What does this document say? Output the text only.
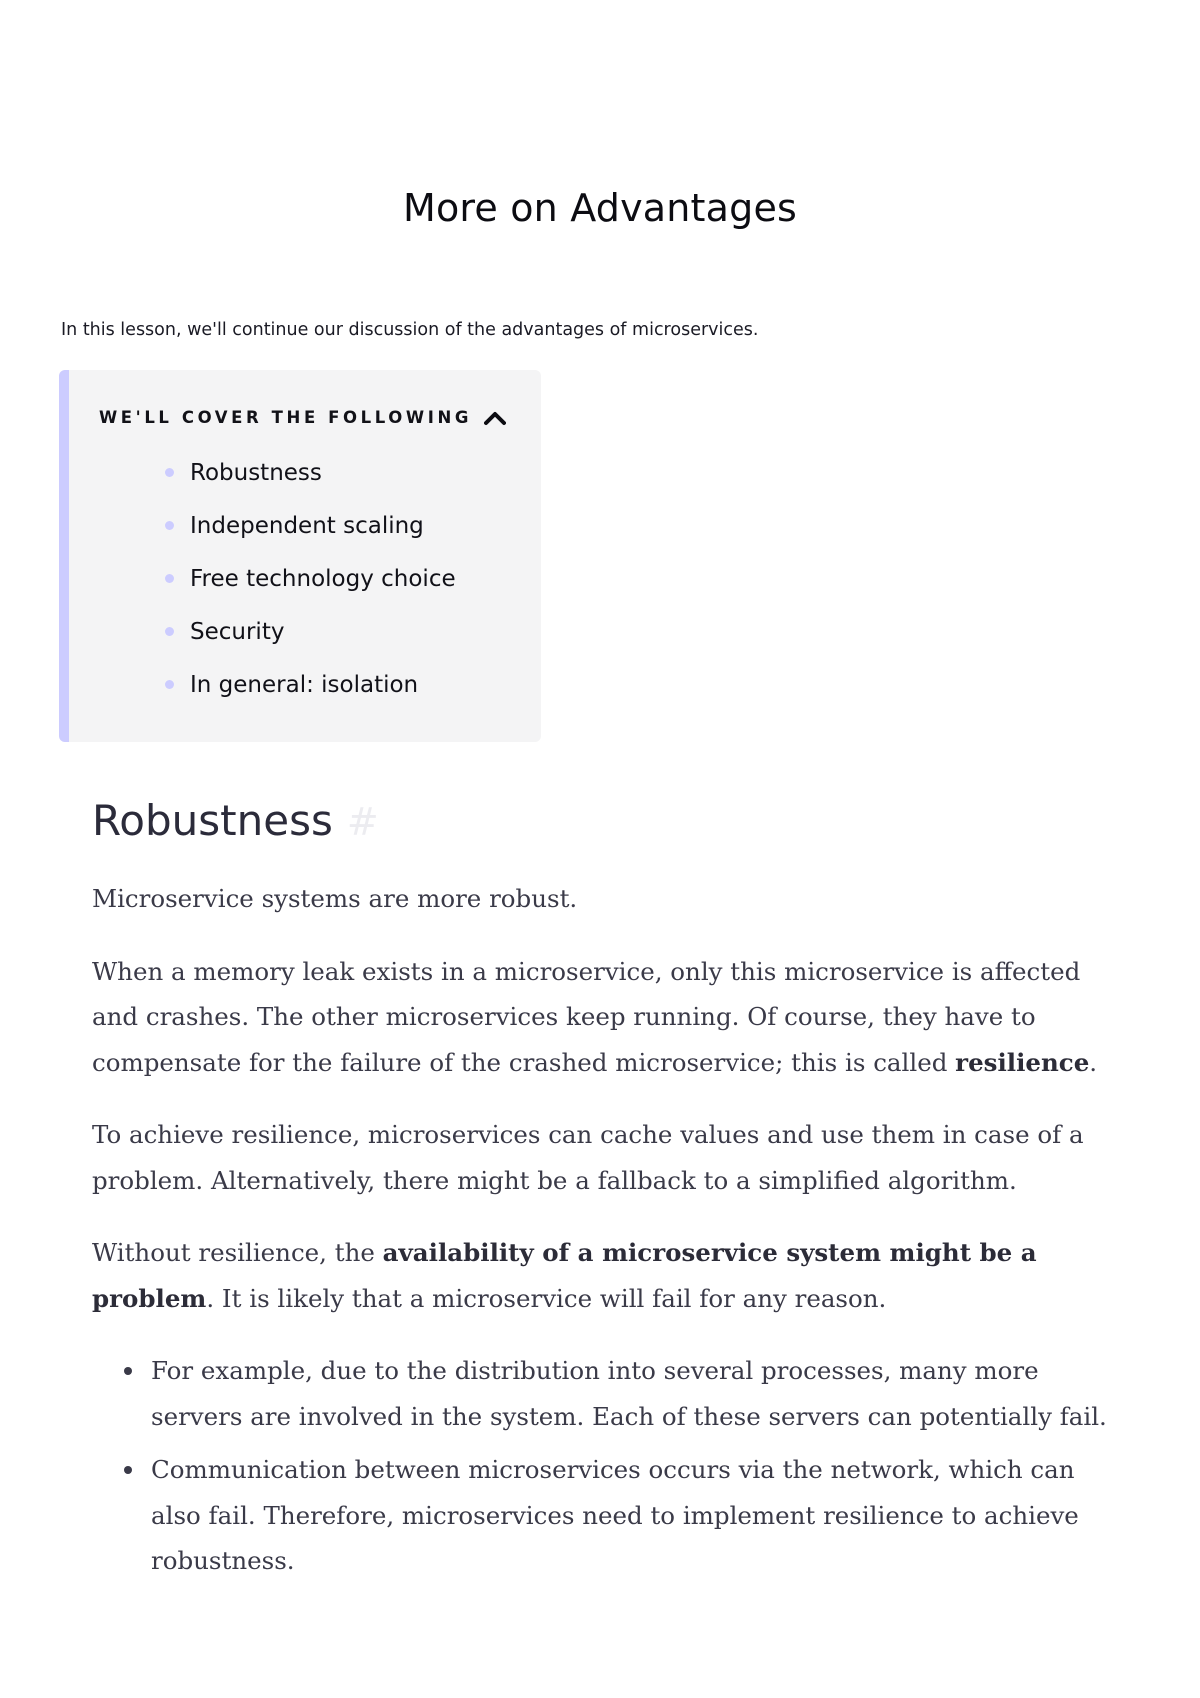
More on Advantages

In this lesson, we'll continue our discussion of the advantages of microservices.

WE'LL COVER THE FOLLOWING
Robustness
Independent scaling
Free technology choice
Security
In general: isolation
Robustness #

Microservice systems are more robust.

When a memory leak exists in a microservice, only this microservice is affected and crashes. The other microservices keep running. Of course, they have to compensate for the failure of the crashed microservice; this is called resilience.

To achieve resilience, microservices can cache values and use them in case of a problem. Alternatively, there might be a fallback to a simplified algorithm.

Without resilience, the availability of a microservice system might be a problem. It is likely that a microservice will fail for any reason.

For example, due to the distribution into several processes, many more servers are involved in the system. Each of these servers can potentially fail.
Communication between microservices occurs via the network, which can also fail. Therefore, microservices need to implement resilience to achieve robustness.
